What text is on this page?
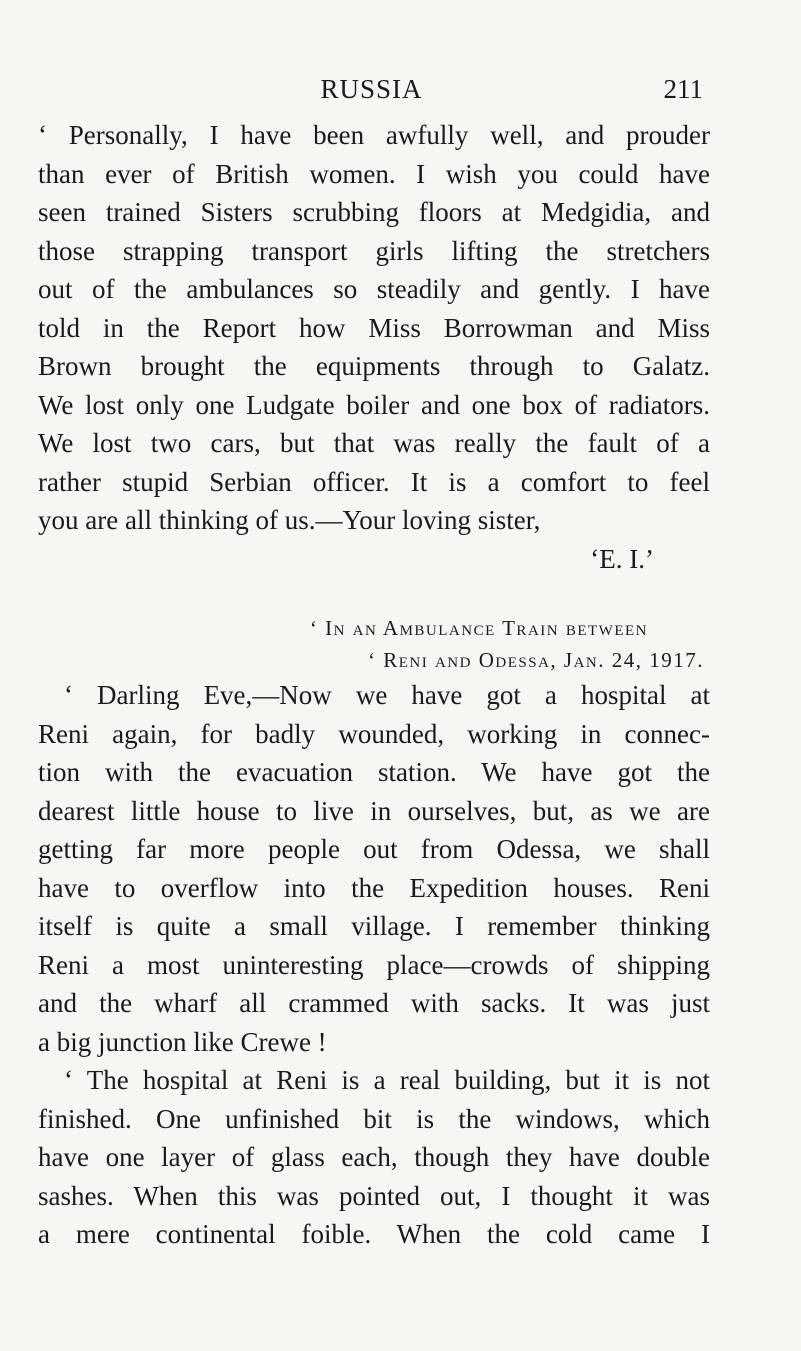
RUSSIA	211
‘ Personally, I have been awfully well, and prouder
than ever of British women. I wish you could have
seen trained Sisters scrubbing floors at Medgidia, and
those strapping transport girls lifting the stretchers
out of the ambulances so steadily and gently. I have
told in the Report how Miss Borrowman and Miss
Brown brought the equipments through to Galatz.
We lost only one Ludgate boiler and one box of radiators.
We lost two cars, but that was really the fault of a
rather stupid Serbian officer. It is a comfort to feel
you are all thinking of us.—Your loving sister,
‘E. I.’
‘ In an Ambulance Train between
‘ Reni and Odessa, Jan. 24, 1917.
‘ Darling Eve,—Now we have got a hospital at
Reni again, for badly wounded, working in connec-
tion with the evacuation station. We have got the
dearest little house to live in ourselves, but, as we are
getting far more people out from Odessa, we shall
have to overflow into the Expedition houses. Reni
itself is quite a small village. I remember thinking
Reni a most uninteresting place—crowds of shipping
and the wharf all crammed with sacks. It was just
a big junction like Crewe !
‘ The hospital at Reni is a real building, but it is not
finished. One unfinished bit is the windows, which
have one layer of glass each, though they have double
sashes. When this was pointed out, I thought it was
a mere continental foible. When the cold came I
